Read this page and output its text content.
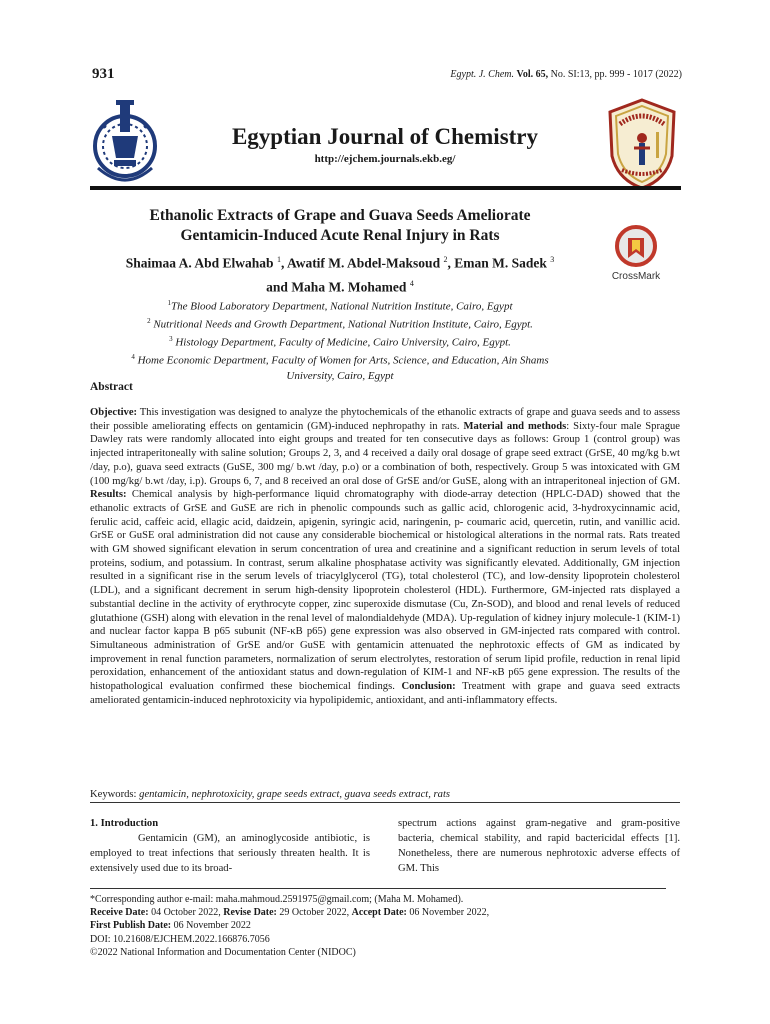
931	Egypt. J. Chem. Vol. 65, No. SI:13, pp. 999 - 1017 (2022)
Egyptian Journal of Chemistry
http://ejchem.journals.ekb.eg/
Ethanolic Extracts of Grape and Guava Seeds Ameliorate
Gentamicin-Induced Acute Renal Injury in Rats
Shaimaa A. Abd Elwahab $^1$, Awatif M. Abdel-Maksoud $^2$, Eman M. Sadek $^3$
and Maha M. Mohamed $^4$
CrossMark
$^1$The Blood Laboratory Department, National Nutrition Institute, Cairo, Egypt
$^2$ Nutritional Needs and Growth Department, National Nutrition Institute, Cairo, Egypt.
$^3$ Histology Department, Faculty of Medicine, Cairo University, Cairo, Egypt.
$^4$ Home Economic Department, Faculty of Women for Arts, Science, and Education, Ain Shams
University, Cairo, Egypt
Abstract
Objective: This investigation was designed to analyze the phytochemicals of the ethanolic extracts of grape and guava seeds and to assess their possible ameliorating effects on gentamicin (GM)-induced nephropathy in rats. Material and methods: Sixty-four male Sprague Dawley rats were randomly allocated into eight groups and treated for ten consecutive days as follows: Group 1 (control group) was injected intraperitoneally with saline solution; Groups 2, 3, and 4 received a daily oral dosage of grape seed extract (GrSE, 40 mg/kg b.wt /day, p.o), guava seed extracts (GuSE, 300 mg/ b.wt /day, p.o) or a combination of both, respectively. Group 5 was intoxicated with GM (100 mg/kg/ b.wt /day, i.p). Groups 6, 7, and 8 received an oral dose of GrSE and/or GuSE, along with an intraperitoneal injection of GM. Results: Chemical analysis by high-performance liquid chromatography with diode-array detection (HPLC-DAD) showed that the ethanolic extracts of GrSE and GuSE are rich in phenolic compounds such as gallic acid, chlorogenic acid, 3-hydroxycinnamic acid, ferulic acid, caffeic acid, ellagic acid, daidzein, apigenin, syringic acid, naringenin, p- coumaric acid, quercetin, rutin, and vanillic acid. GrSE or GuSE oral administration did not cause any considerable biochemical or histological alterations in the normal rats. Rats treated with GM showed significant elevation in serum concentration of urea and creatinine and a significant reduction in serum levels of total proteins, sodium, and potassium. In contrast, serum alkaline phosphatase activity was significantly elevated. Additionally, GM injection resulted in a significant rise in the serum levels of triacylglycerol (TG), total cholesterol (TC), and low-density lipoprotein cholesterol (LDL), and a significant decrement in serum high-density lipoprotein cholesterol (HDL). Furthermore, GM-injected rats displayed a substantial decline in the activity of erythrocyte copper, zinc superoxide dismutase (Cu, Zn-SOD), and blood and renal levels of reduced glutathione (GSH) along with elevation in the renal level of malondialdehyde (MDA). Up-regulation of kidney injury molecule-1 (KIM-1) and nuclear factor kappa B p65 subunit (NF-κB p65) gene expression was also observed in GM-injected rats compared with control. Simultaneous administration of GrSE and/or GuSE with gentamicin attenuated the nephrotoxic effects of GM as indicated by improvement in renal function parameters, normalization of serum electrolytes, restoration of serum lipid profile, reduction in renal lipid peroxidation, enhancement of the antioxidant status and down-regulation of KIM-1 and NF-κB p65 gene expression. The results of the histopathological evaluation confirmed these biochemical findings. Conclusion: Treatment with grape and guava seed extracts ameliorated gentamicin-induced nephrotoxicity via hypolipidemic, antioxidant, and anti-inflammatory effects.
Keywords: gentamicin, nephrotoxicity, grape seeds extract, guava seeds extract, rats
1. Introduction

Gentamicin (GM), an aminoglycoside antibiotic, is employed to treat infections that seriously threaten health. It is extensively used due to its broad-

spectrum actions against gram-negative and gram-positive bacteria, chemical stability, and rapid bactericidal effects [1]. Nonetheless, there are numerous nephrotoxic adverse effects of GM. This
*Corresponding author e-mail: maha.mahmoud.2591975@gmail.com; (Maha M. Mohamed).
Receive Date: 04 October 2022, Revise Date: 29 October 2022, Accept Date: 06 November 2022,
First Publish Date: 06 November 2022
DOI: 10.21608/EJCHEM.2022.166876.7056
©2022 National Information and Documentation Center (NIDOC)
